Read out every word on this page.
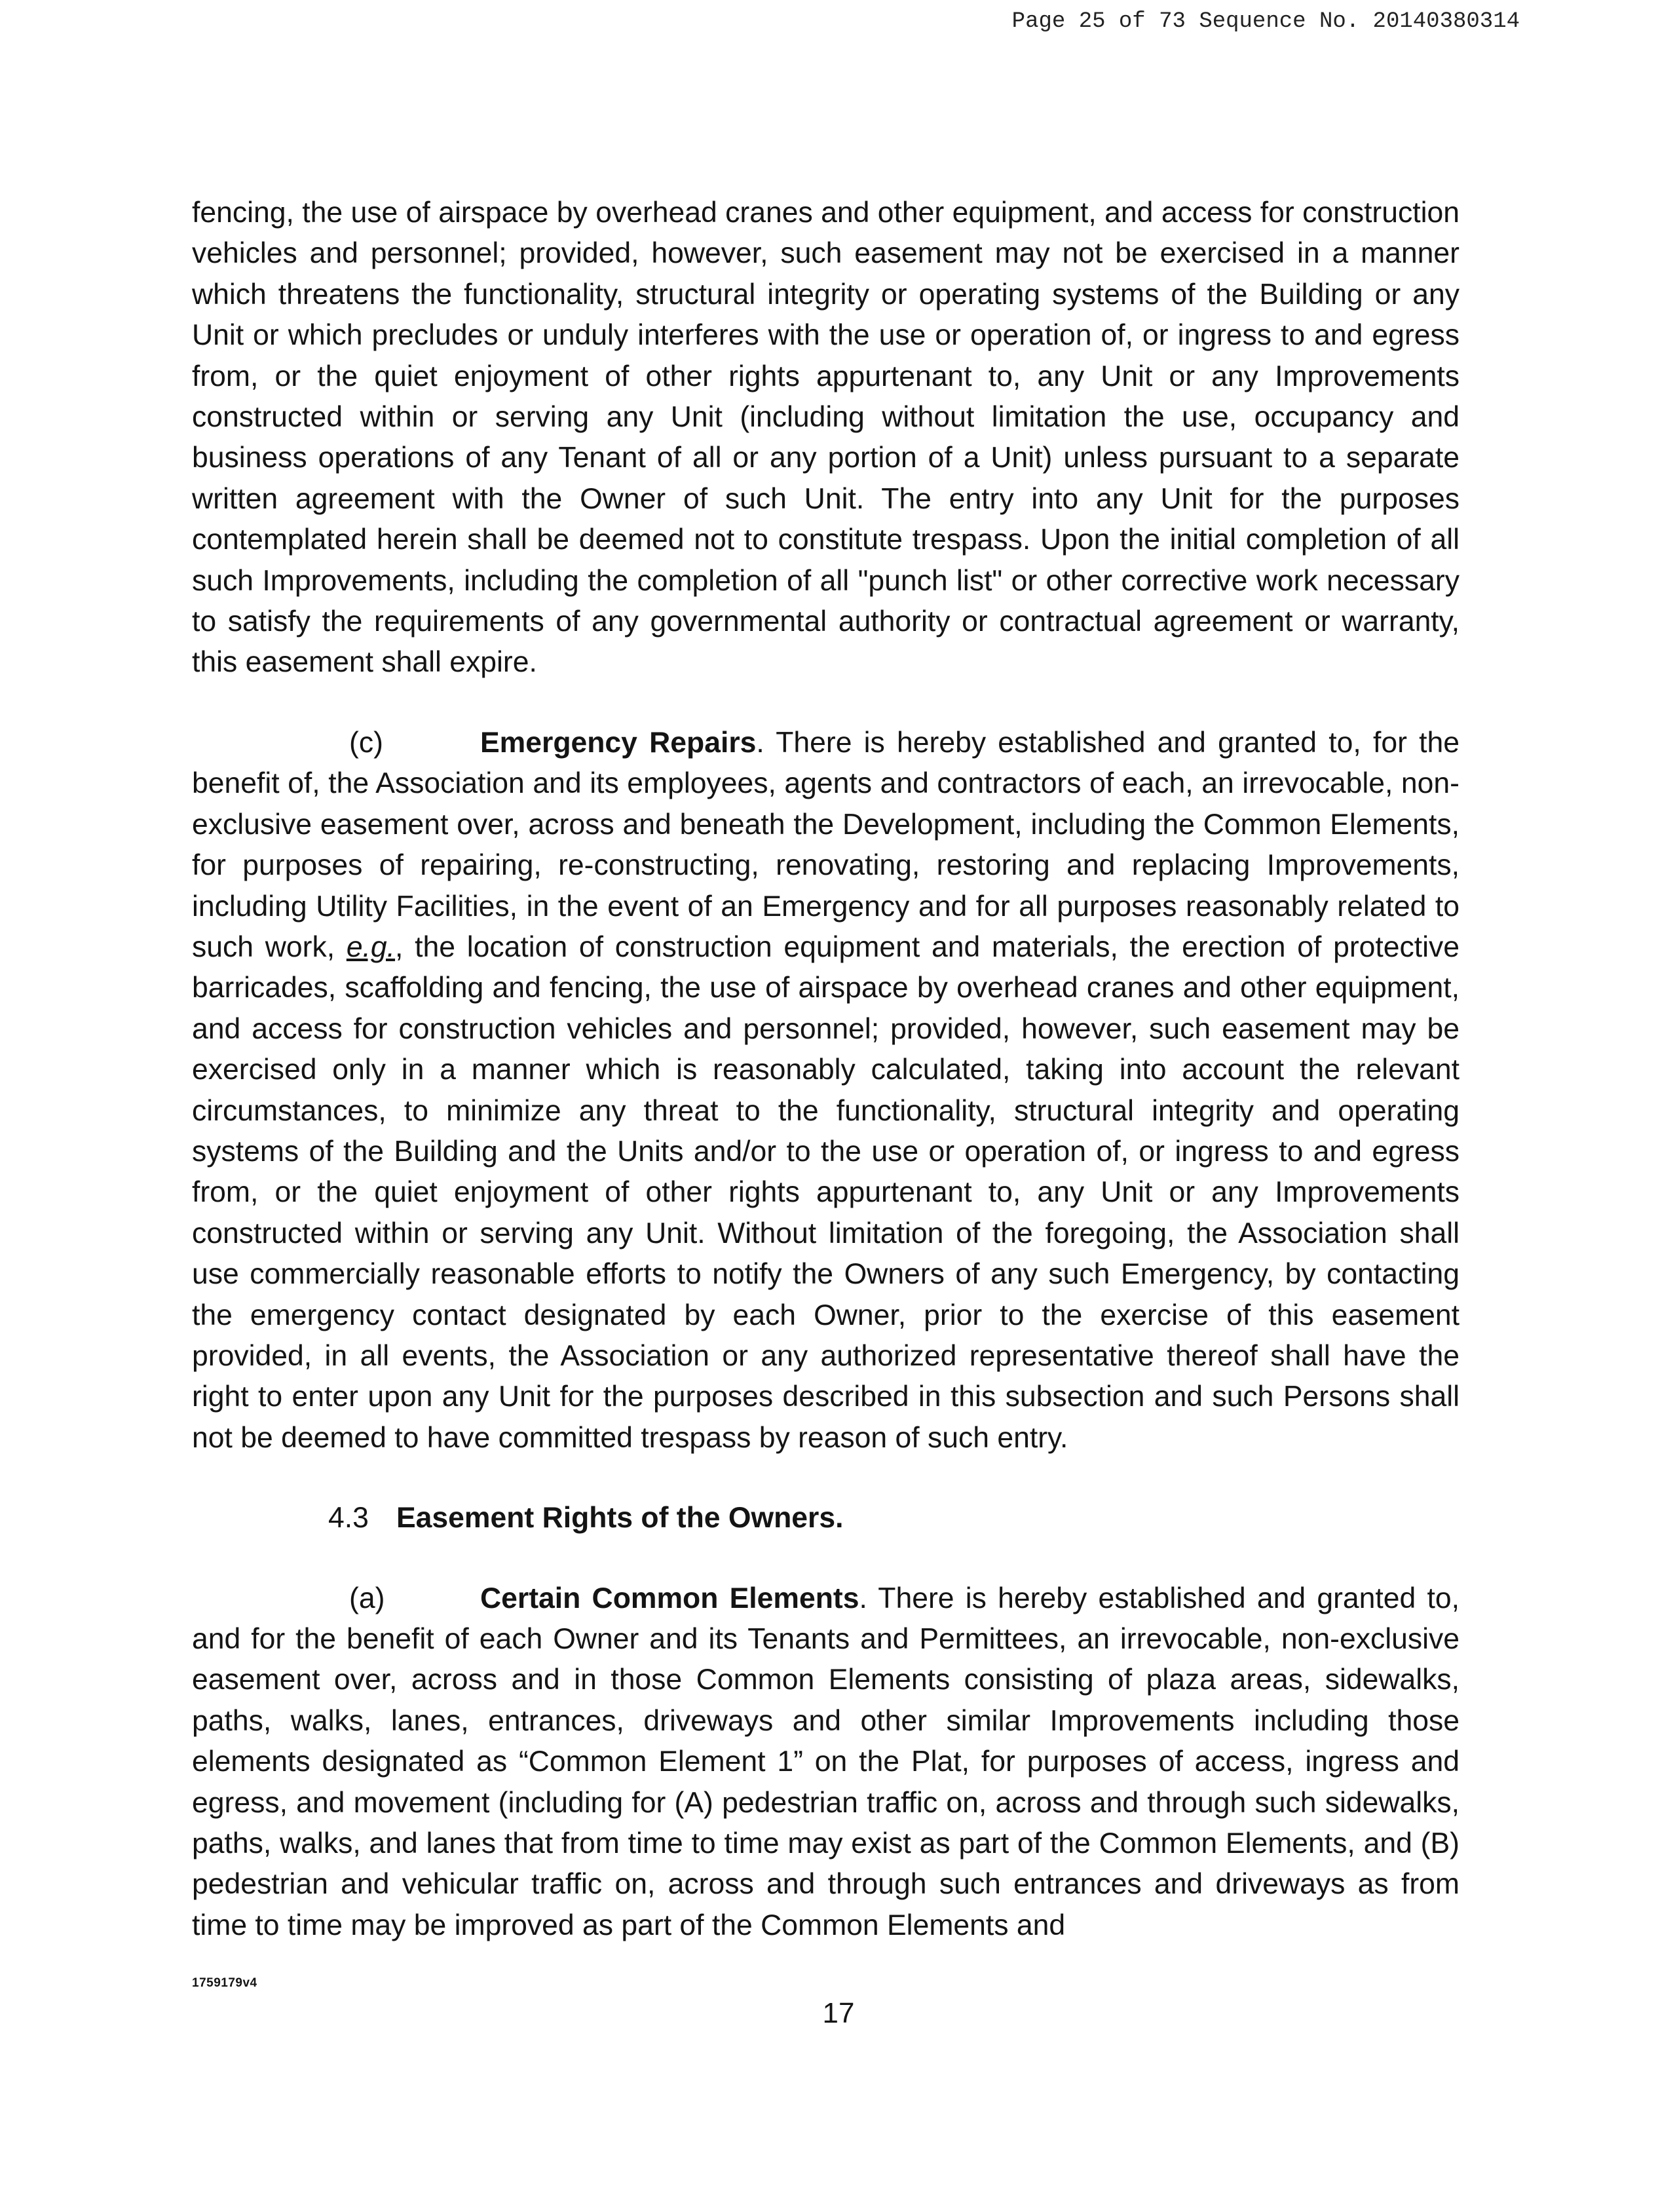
Page 25 of 73 Sequence No. 20140380314

fencing, the use of airspace by overhead cranes and other equipment, and access for construction vehicles and personnel; provided, however, such easement may not be exercised in a manner which threatens the functionality, structural integrity or operating systems of the Building or any Unit or which precludes or unduly interferes with the use or operation of, or ingress to and egress from, or the quiet enjoyment of other rights appurtenant to, any Unit or any Improvements constructed within or serving any Unit (including without limitation the use, occupancy and business operations of any Tenant of all or any portion of a Unit) unless pursuant to a separate written agreement with the Owner of such Unit. The entry into any Unit for the purposes contemplated herein shall be deemed not to constitute trespass. Upon the initial completion of all such Improvements, including the completion of all "punch list" or other corrective work necessary to satisfy the requirements of any governmental authority or contractual agreement or warranty, this easement shall expire.

(c)	Emergency Repairs. There is hereby established and granted to, for the benefit of, the Association and its employees, agents and contractors of each, an irrevocable, non-exclusive easement over, across and beneath the Development, including the Common Elements, for purposes of repairing, re-constructing, renovating, restoring and replacing Improvements, including Utility Facilities, in the event of an Emergency and for all purposes reasonably related to such work, e.g., the location of construction equipment and materials, the erection of protective barricades, scaffolding and fencing, the use of airspace by overhead cranes and other equipment, and access for construction vehicles and personnel; provided, however, such easement may be exercised only in a manner which is reasonably calculated, taking into account the relevant circumstances, to minimize any threat to the functionality, structural integrity and operating systems of the Building and the Units and/or to the use or operation of, or ingress to and egress from, or the quiet enjoyment of other rights appurtenant to, any Unit or any Improvements constructed within or serving any Unit. Without limitation of the foregoing, the Association shall use commercially reasonable efforts to notify the Owners of any such Emergency, by contacting the emergency contact designated by each Owner, prior to the exercise of this easement provided, in all events, the Association or any authorized representative thereof shall have the right to enter upon any Unit for the purposes described in this subsection and such Persons shall not be deemed to have committed trespass by reason of such entry.

4.3 Easement Rights of the Owners.

(a)	Certain Common Elements. There is hereby established and granted to, and for the benefit of each Owner and its Tenants and Permittees, an irrevocable, non-exclusive easement over, across and in those Common Elements consisting of plaza areas, sidewalks, paths, walks, lanes, entrances, driveways and other similar Improvements including those elements designated as “Common Element 1” on the Plat, for purposes of access, ingress and egress, and movement (including for (A) pedestrian traffic on, across and through such sidewalks, paths, walks, and lanes that from time to time may exist as part of the Common Elements, and (B) pedestrian and vehicular traffic on, across and through such entrances and driveways as from time to time may be improved as part of the Common Elements and

1759179v4
17
